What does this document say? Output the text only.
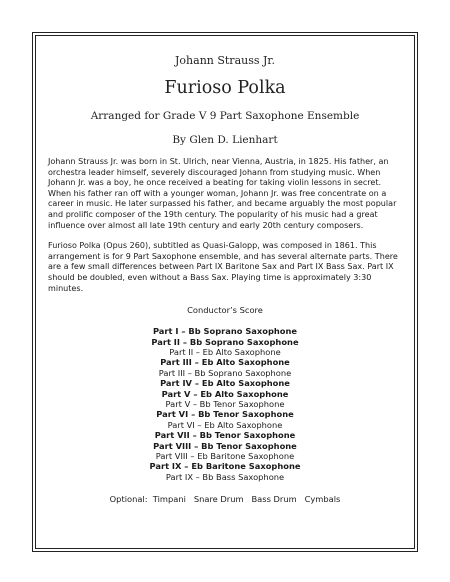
Johann Strauss Jr.
Furioso Polka
Arranged for Grade V 9 Part Saxophone Ensemble
By Glen D. Lienhart

Johann Strauss Jr. was born in St. Ulrich, near Vienna, Austria, in 1825. His father, an orchestra leader himself, severely discouraged Johann from studying music. When Johann Jr. was a boy, he once received a beating for taking violin lessons in secret. When his father ran off with a younger woman, Johann Jr. was free concentrate on a career in music. He later surpassed his father, and became arguably the most popular and prolific composer of the 19th century. The popularity of his music had a great influence over almost all late 19th century and early 20th century composers.

Furioso Polka (Opus 260), subtitled as Quasi-Galopp, was composed in 1861. This arrangement is for 9 Part Saxophone ensemble, and has several alternate parts. There are a few small differences between Part IX Baritone Sax and Part IX Bass Sax. Part IX should be doubled, even without a Bass Sax. Playing time is approximately 3:30 minutes.

Conductor’s Score
Part I – Bb Soprano Saxophone
Part II – Bb Soprano Saxophone
Part II – Eb Alto Saxophone
Part III – Eb Alto Saxophone
Part III – Bb Soprano Saxophone
Part IV – Eb Alto Saxophone
Part V – Eb Alto Saxophone
Part V – Bb Tenor Saxophone
Part VI – Bb Tenor Saxophone
Part VI – Eb Alto Saxophone
Part VII – Bb Tenor Saxophone
Part VIII – Bb Tenor Saxophone
Part VIII – Eb Baritone Saxophone
Part IX – Eb Baritone Saxophone
Part IX – Bb Bass Saxophone
Optional:  Timpani   Snare Drum   Bass Drum   Cymbals
